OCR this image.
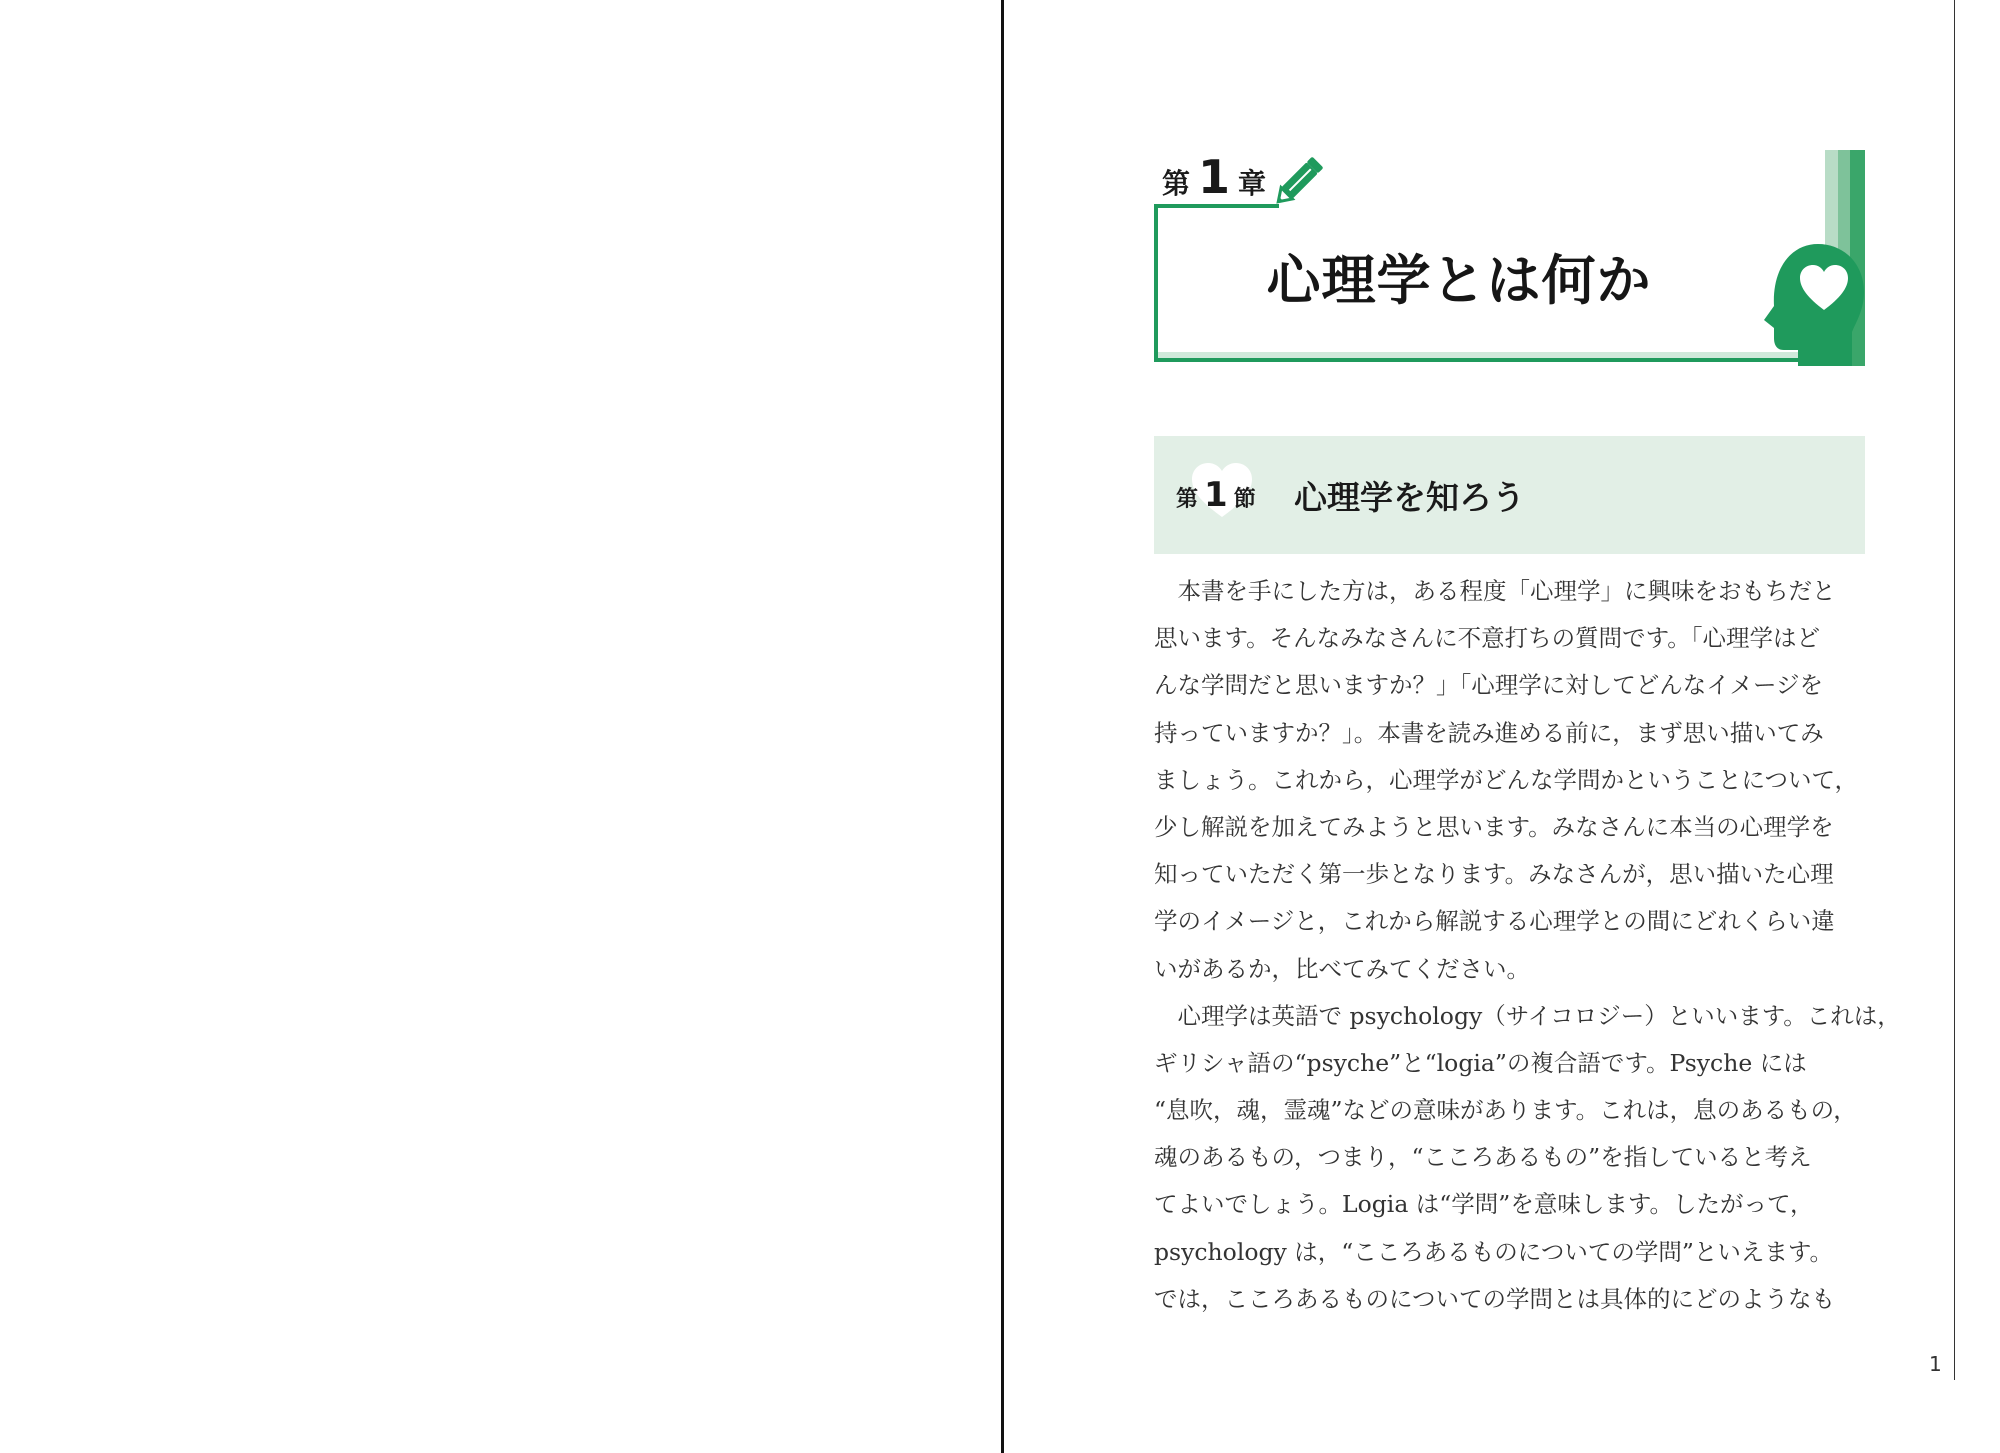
第 1 章
心理学とは何か
第 1 節 心理学を知ろう
　本書を手にした方は，ある程度「心理学」に興味をおもちだと
思います。そんなみなさんに不意打ちの質問です。「心理学はど
んな学問だと思いますか？」「心理学に対してどんなイメージを
持っていますか？」。本書を読み進める前に，まず思い描いてみ
ましょう。これから，心理学がどんな学問かということについて，
少し解説を加えてみようと思います。みなさんに本当の心理学を
知っていただく第一歩となります。みなさんが，思い描いた心理
学のイメージと，これから解説する心理学との間にどれくらい違
いがあるか，比べてみてください。
　心理学は英語で psychology（サイコロジー）といいます。これは，
ギリシャ語の“psyche”と“logia”の複合語です。Psyche には
“息吹，魂，霊魂”などの意味があります。これは，息のあるもの，
魂のあるもの，つまり，“こころあるもの”を指していると考え
てよいでしょう。Logia は“学問”を意味します。したがって，
psychology は，“こころあるものについての学問”といえます。
では，こころあるものについての学問とは具体的にどのようなも
1
